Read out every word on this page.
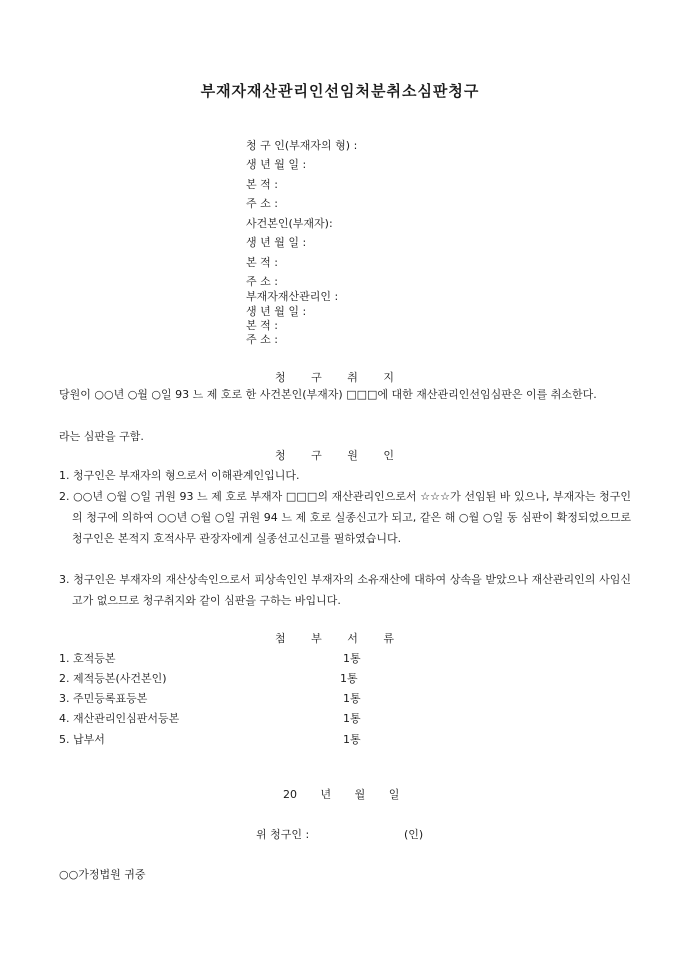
부재자재산관리인선임처분취소심판청구
청 구 인(부재자의 형) :
생 년 월 일 :
본 적 :
주 소 :
사건본인(부재자):
생 년 월 일 :
본 적 :
주 소 :
부재자재산관리인 :
생 년 월 일 :
본 적 :
주 소 :
청 구 취 지
당원이 ○○년 ○월 ○일 93 느 제 호로 한 사건본인(부재자) □□□에 대한 재산관리인선임심판은 이를 취소한다.
라는 심판을 구함.
청 구 원 인
1. 청구인은 부재자의 형으로서 이해관계인입니다.
2. ○○년 ○월 ○일 귀원 93 느 제 호로 부재자 □□□의 재산관리인으로서 ☆☆☆가 선임된 바 있으나, 부재자는 청구인의 청구에 의하여 ○○년 ○월 ○일 귀원 94 느 제 호로 실종신고가 되고, 같은 해 ○월 ○일 동 심판이 확정되었으므로 청구인은 본적지 호적사무 관장자에게 실종선고신고를 필하였습니다.
3. 청구인은 부재자의 재산상속인으로서 피상속인인 부재자의 소유재산에 대하여 상속을 받았으나 재산관리인의 사임신고가 없으므로 청구취지와 같이 심판을 구하는 바입니다.
첨 부 서 류
1. 호적등본	1통
2. 제적등본(사건본인)	1통
3. 주민등록표등본	1통
4. 재산관리인심판서등본	1통
5. 납부서	1통
20 년 월 일
위 청구인 :	(인)
○○가정법원 귀중
